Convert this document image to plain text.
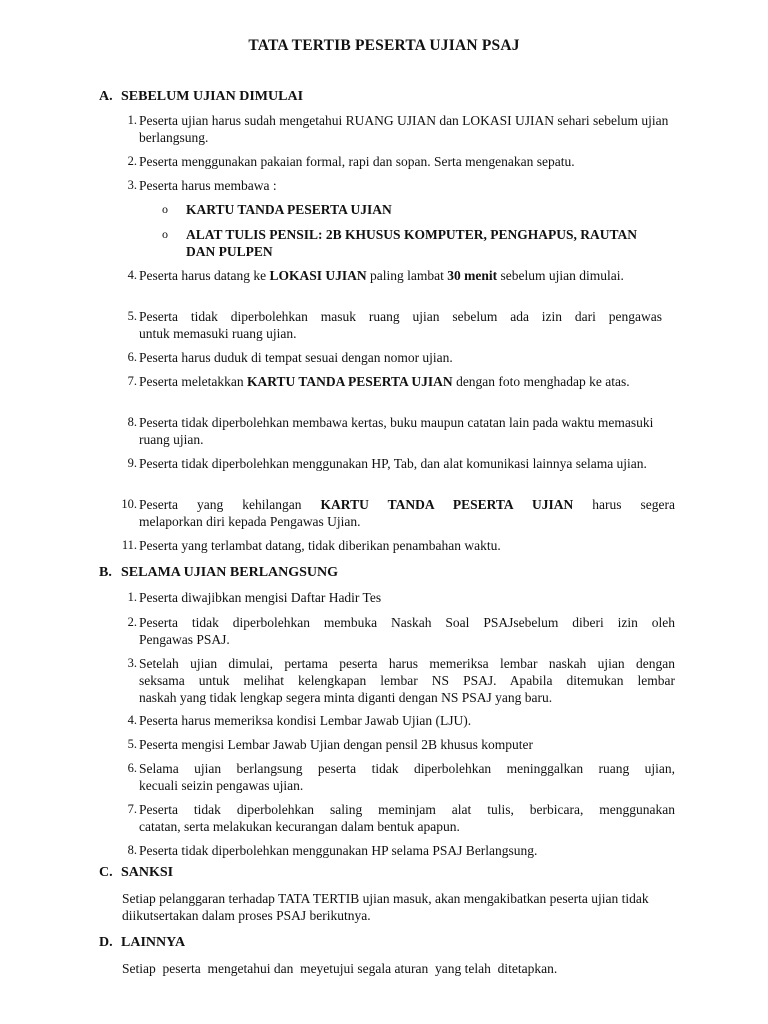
TATA TERTIB PESERTA UJIAN PSAJ
A. SEBELUM UJIAN DIMULAI
1. Peserta ujian harus sudah mengetahui RUANG UJIAN dan LOKASI UJIAN sehari sebelum ujian berlangsung.
2. Peserta menggunakan pakaian formal, rapi dan sopan. Serta mengenakan sepatu.
3. Peserta harus membawa :
o KARTU TANDA PESERTA UJIAN
o ALAT TULIS PENSIL: 2B KHUSUS KOMPUTER, PENGHAPUS, RAUTAN DAN PULPEN
4. Peserta harus datang ke LOKASI UJIAN paling lambat 30 menit sebelum ujian dimulai.
5. Peserta tidak diperbolehkan masuk ruang ujian sebelum ada izin dari pengawas
untuk memasuki ruang ujian.
6. Peserta harus duduk di tempat sesuai dengan nomor ujian.
7. Peserta meletakkan KARTU TANDA PESERTA UJIAN dengan foto menghadap ke atas.
8. Peserta tidak diperbolehkan membawa kertas, buku maupun catatan lain pada waktu memasuki ruang ujian.
9. Peserta tidak diperbolehkan menggunakan HP, Tab, dan alat komunikasi lainnya selama ujian.
10. Peserta yang kehilangan KARTU TANDA PESERTA UJIAN harus segera
melaporkan diri kepada Pengawas Ujian.
11. Peserta yang terlambat datang, tidak diberikan penambahan waktu.
B. SELAMA UJIAN BERLANGSUNG
1. Peserta diwajibkan mengisi Daftar Hadir Tes
2. Peserta tidak diperbolehkan membuka Naskah Soal PSAJsebelum diberi izin oleh
Pengawas PSAJ.
3. Setelah ujian dimulai, pertama peserta harus memeriksa lembar naskah ujian dengan
seksama untuk melihat kelengkapan lembar NS PSAJ. Apabila ditemukan lembar
naskah yang tidak lengkap segera minta diganti dengan NS PSAJ yang baru.
4. Peserta harus memeriksa kondisi Lembar Jawab Ujian (LJU).
5. Peserta mengisi Lembar Jawab Ujian dengan pensil 2B khusus komputer
6. Selama ujian berlangsung peserta tidak diperbolehkan meninggalkan ruang ujian,
kecuali seizin pengawas ujian.
7. Peserta tidak diperbolehkan saling meminjam alat tulis, berbicara, menggunakan
catatan, serta melakukan kecurangan dalam bentuk apapun.
8. Peserta tidak diperbolehkan menggunakan HP selama PSAJ Berlangsung.
C. SANKSI
Setiap pelanggaran terhadap TATA TERTIB ujian masuk, akan mengakibatkan peserta ujian tidak diikutsertakan dalam proses PSAJ berikutnya.
D. LAINNYA
Setiap  peserta  mengetahui dan  meyetujui segala aturan  yang telah  ditetapkan.
